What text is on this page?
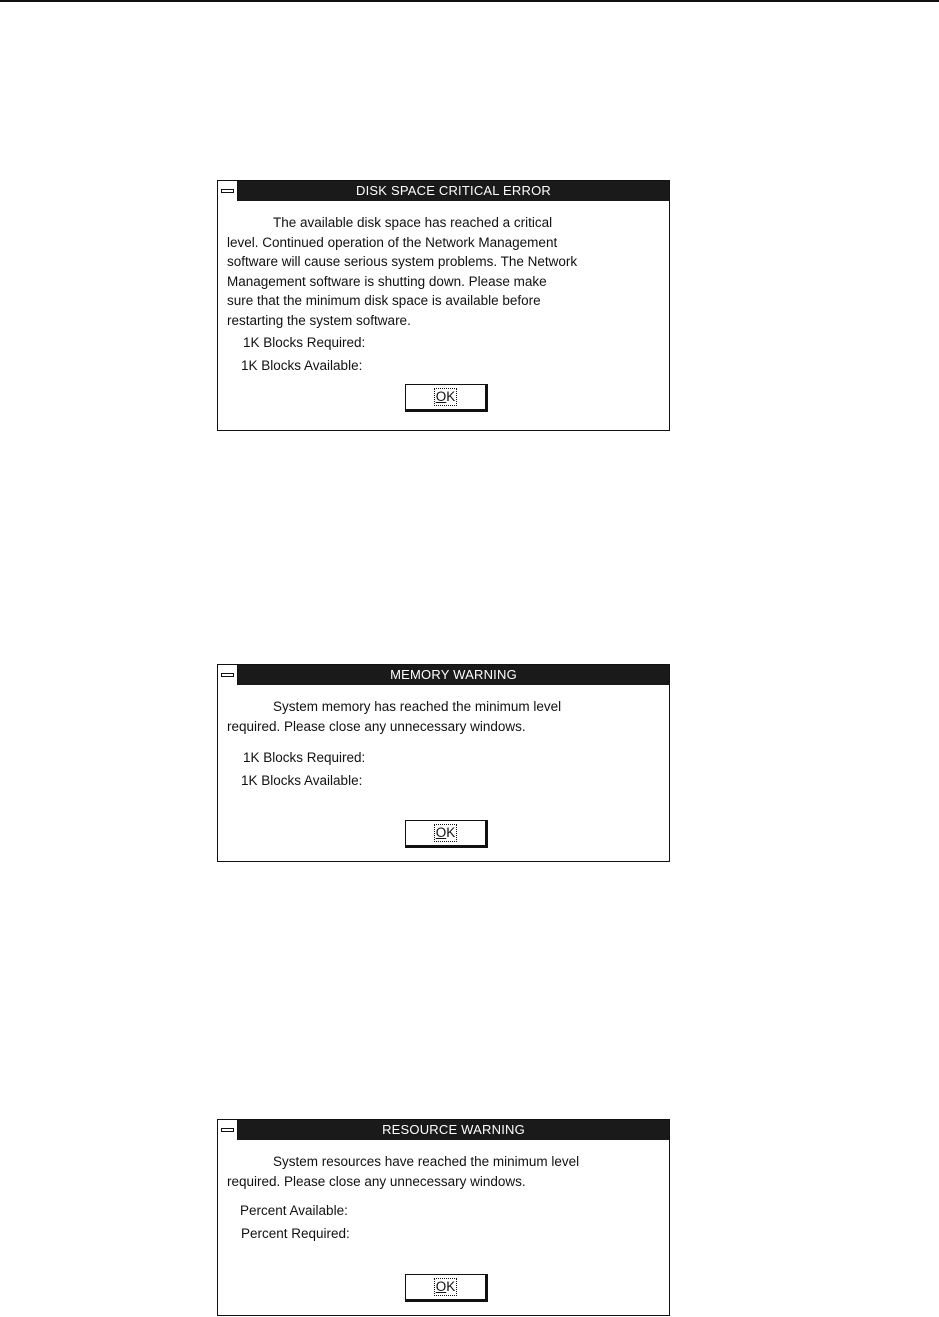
DISK SPACE CRITICAL ERROR
The available disk space has reached a critical
level. Continued operation of the Network Management
software will cause serious system problems. The Network
Management software is shutting down. Please make
sure that the minimum disk space is available before
restarting the system software.
1K Blocks Required:
1K Blocks Available:
OK
MEMORY WARNING
System memory has reached the minimum level
required. Please close any unnecessary windows.
1K Blocks Required:
1K Blocks Available:
OK
RESOURCE WARNING
System resources have reached the minimum level
required. Please close any unnecessary windows.
Percent Available:
Percent Required:
OK
